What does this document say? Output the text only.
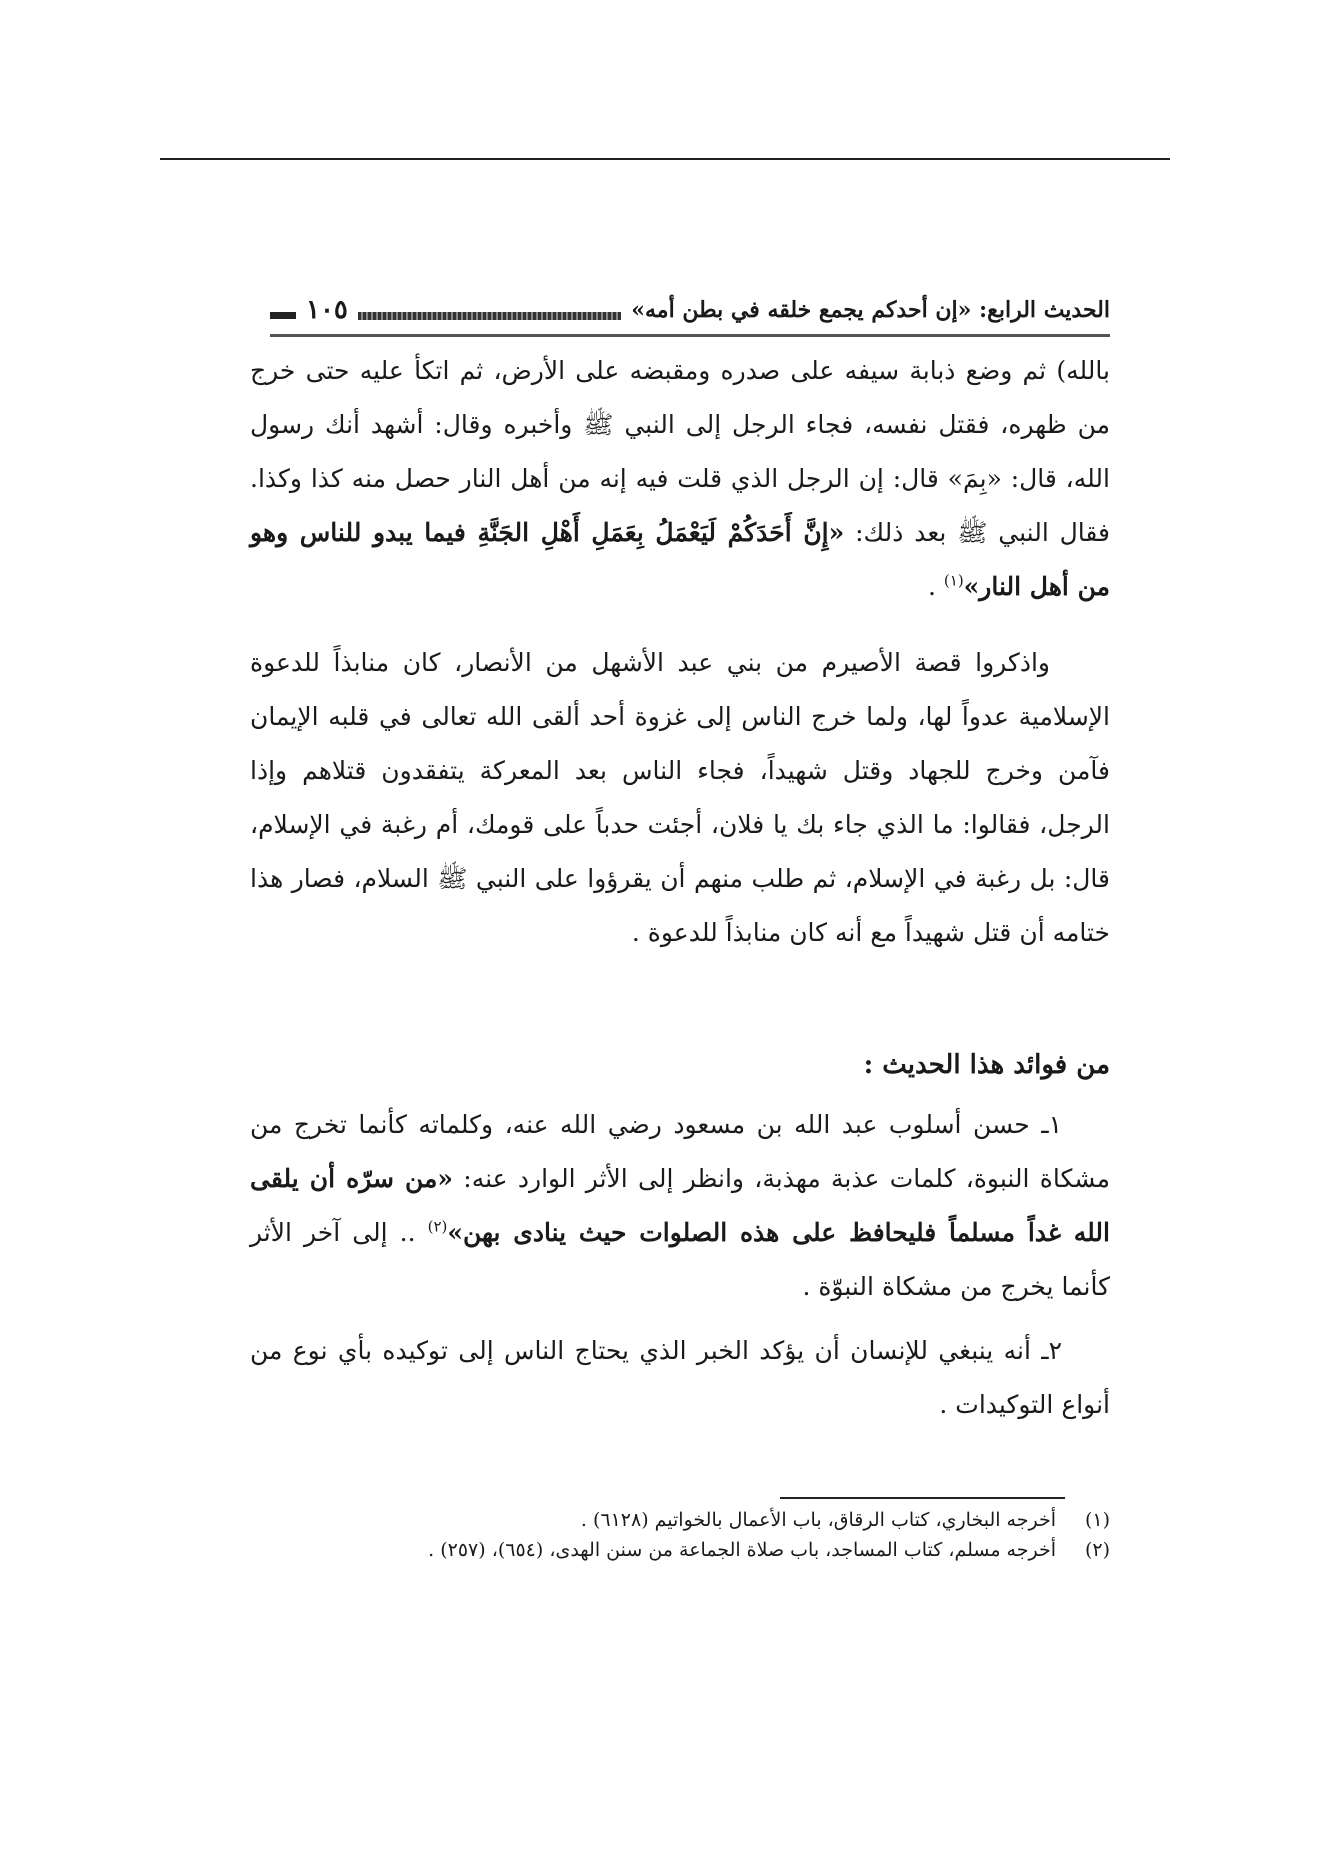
الحديث الرابع: «إن أحدكم يجمع خلقه في بطن أمه»
١٠٥

بالله) ثم وضع ذبابة سيفه على صدره ومقبضه على الأرض، ثم اتكأ عليه حتى خرج من ظهره، فقتل نفسه، فجاء الرجل إلى النبي ﷺ وأخبره وقال: أشهد أنك رسول الله، قال: «بِمَ» قال: إن الرجل الذي قلت فيه إنه من أهل النار حصل منه كذا وكذا. فقال النبي ﷺ بعد ذلك: «إِنَّ أَحَدَكُمْ لَيَعْمَلُ بِعَمَلِ أَهْلِ الجَنَّةِ فيما يبدو للناس وهو من أهل النار»$^{(١)}$ .

واذكروا قصة الأصيرم من بني عبد الأشهل من الأنصار، كان منابذاً للدعوة الإسلامية عدواً لها، ولما خرج الناس إلى غزوة أحد ألقى الله تعالى في قلبه الإيمان فآمن وخرج للجهاد وقتل شهيداً، فجاء الناس بعد المعركة يتفقدون قتلاهم وإذا الرجل، فقالوا: ما الذي جاء بك يا فلان، أجئت حدباً على قومك، أم رغبة في الإسلام، قال: بل رغبة في الإسلام، ثم طلب منهم أن يقرؤوا على النبي ﷺ السلام، فصار هذا ختامه أن قتل شهيداً مع أنه كان منابذاً للدعوة .

من فوائد هذا الحديث :

١ـ حسن أسلوب عبد الله بن مسعود رضي الله عنه، وكلماته كأنما تخرج من مشكاة النبوة، كلمات عذبة مهذبة، وانظر إلى الأثر الوارد عنه: «من سرّه أن يلقى الله غداً مسلماً فليحافظ على هذه الصلوات حيث ينادى بهن»$^{(٢)}$ .. إلى آخر الأثر كأنما يخرج من مشكاة النبوّة .

٢ـ أنه ينبغي للإنسان أن يؤكد الخبر الذي يحتاج الناس إلى توكيده بأي نوع من أنواع التوكيدات .

(١)
أخرجه البخاري، كتاب الرقاق، باب الأعمال بالخواتيم (٦١٢٨) .
(٢)
أخرجه مسلم، كتاب المساجد، باب صلاة الجماعة من سنن الهدى، (٦٥٤)، (٢٥٧) .
